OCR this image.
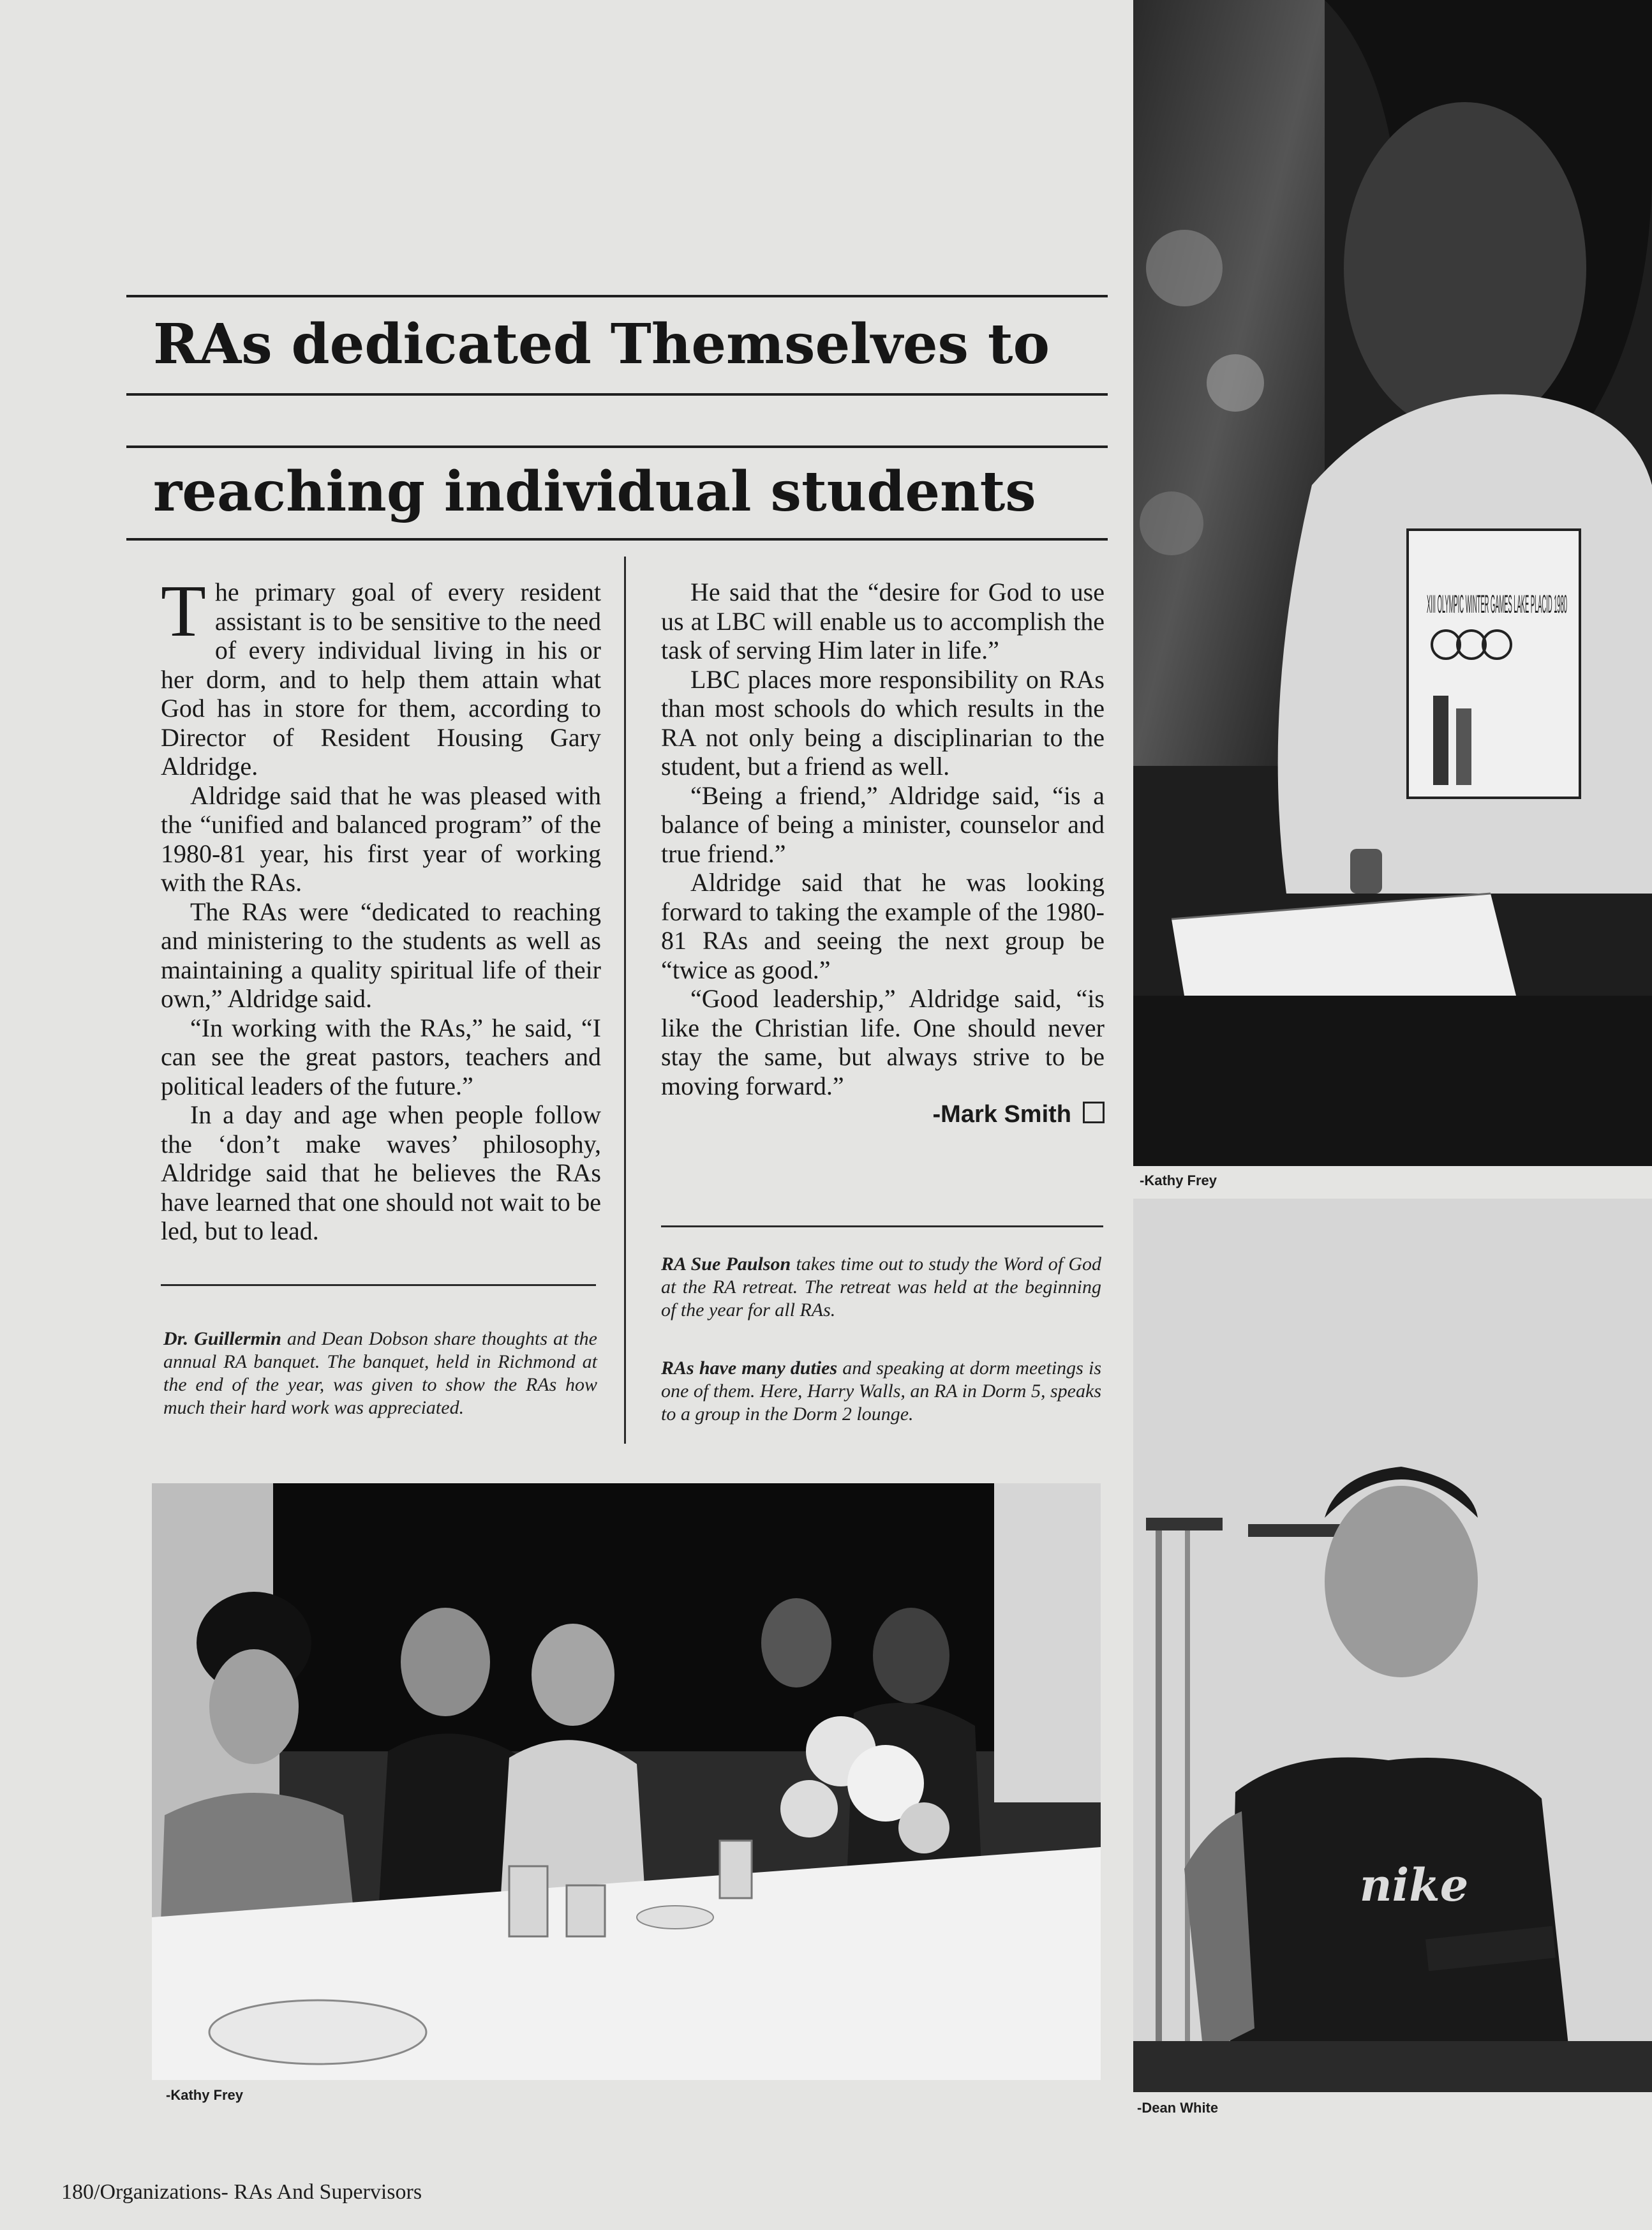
RAs dedicated Themselves to
reaching individual students

The primary goal of every resident assistant is to be sensitive to the need of every individual living in his or her dorm, and to help them attain what God has in store for them, according to Director of Resident Housing Gary Aldridge.

Aldridge said that he was pleased with the “unified and balanced program” of the 1980-81 year, his first year of working with the RAs.

The RAs were “dedicated to reaching and ministering to the students as well as maintaining a quality spiritual life of their own,” Aldridge said.

“In working with the RAs,” he said, “I can see the great pastors, teachers and political leaders of the future.”

In a day and age when people follow the ‘don’t make waves’ philosophy, Aldridge said that he believes the RAs have learned that one should not wait to be led, but to lead.

He said that the “desire for God to use us at LBC will enable us to accomplish the task of serving Him later in life.”

LBC places more responsibility on RAs than most schools do which results in the RA not only being a disciplinarian to the student, but a friend as well.

“Being a friend,” Aldridge said, “is a balance of being a minister, counselor and true friend.”

Aldridge said that he was looking forward to taking the example of the 1980-81 RAs and seeing the next group be “twice as good.”

“Good leadership,” Aldridge said, “is like the Christian life. One should never stay the same, but always strive to be moving forward.”

-Mark Smith

Dr. Guillermin and Dean Dobson share thoughts at the annual RA banquet. The banquet, held in Richmond at the end of the year, was given to show the RAs how much their hard work was appreciated.
RA Sue Paulson takes time out to study the Word of God at the RA retreat. The retreat was held at the beginning of the year for all RAs.
RAs have many duties and speaking at dorm meetings is one of them. Here, Harry Walls, an RA in Dorm 5, speaks to a group in the Dorm 2 lounge.
XIII OLYMPIC WINTER GAMES LAKE PLACID 1980
-Kathy Frey
nike
-Dean White
-Kathy Frey
180/Organizations- RAs And Supervisors
